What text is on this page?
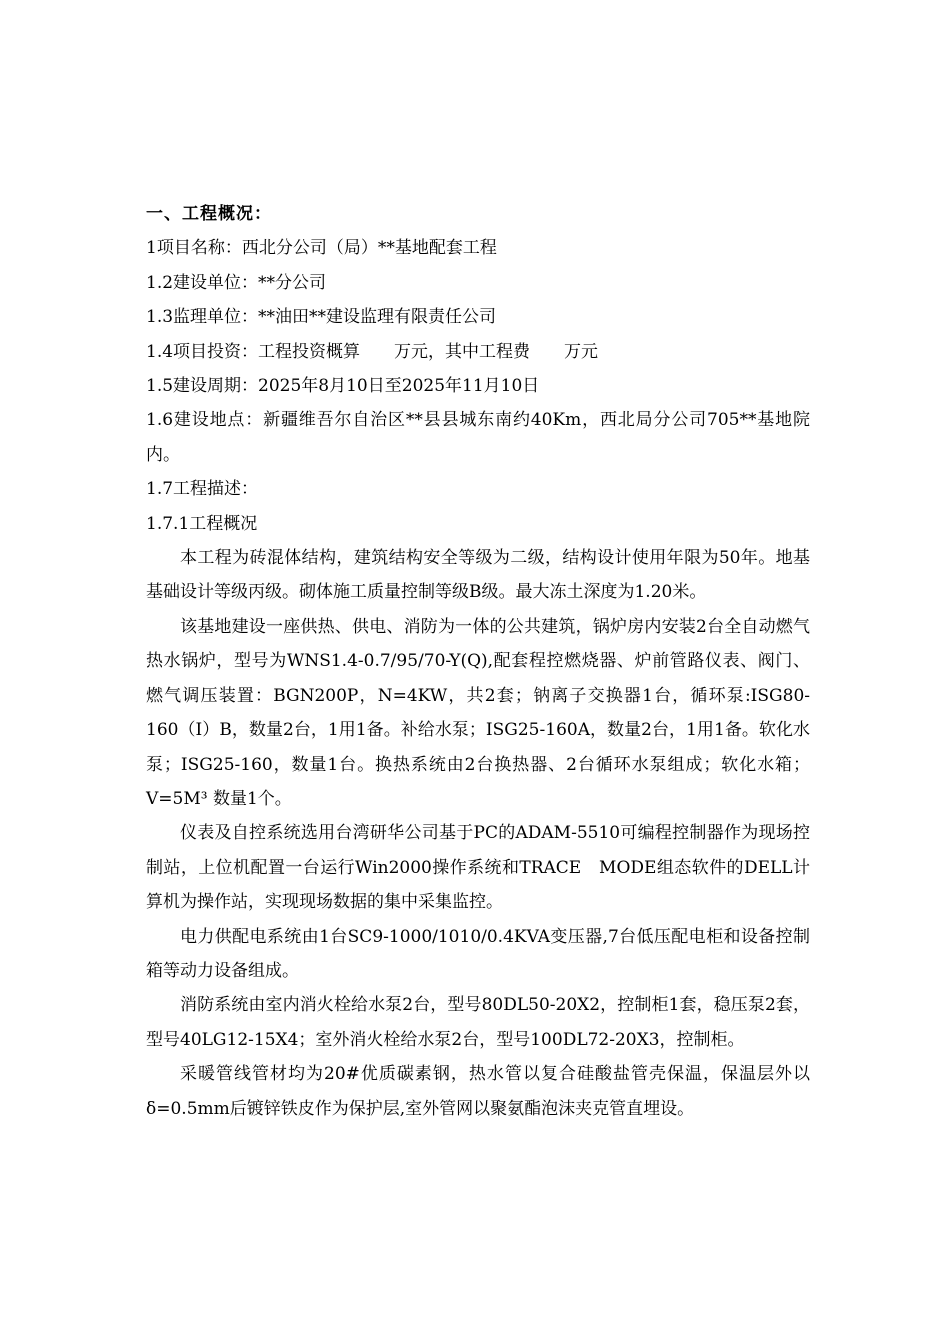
一、工程概况：
1项目名称：西北分公司（局）**基地配套工程
1.2建设单位：**分公司
1.3监理单位：**油田**建设监理有限责任公司
1.4项目投资：工程投资概算　　万元，其中工程费　　万元
1.5建设周期：2025年8月10日至2025年11月10日
1.6建设地点：新疆维吾尔自治区**县县城东南约40Km，西北局分公司705**基地院内。
1.7工程描述：
1.7.1工程概况

本工程为砖混体结构，建筑结构安全等级为二级，结构设计使用年限为50年。地基基础设计等级丙级。砌体施工质量控制等级B级。最大冻土深度为1.20米。

该基地建设一座供热、供电、消防为一体的公共建筑，锅炉房内安装2台全自动燃气热水锅炉，型号为WNS1.4-0.7/95/70-Y(Q),配套程控燃烧器、炉前管路仪表、阀门、燃气调压装置：BGN200P，N=4KW，共2套；钠离子交换器1台，循环泵:ISG80-160（I）B，数量2台，1用1备。补给水泵；ISG25-160A，数量2台，1用1备。软化水泵；ISG25-160，数量1台。换热系统由2台换热器、2台循环水泵组成；软化水箱；V=5M³ 数量1个。

仪表及自控系统选用台湾研华公司基于PC的ADAM-5510可编程控制器作为现场控制站，上位机配置一台运行Win2000操作系统和TRACE　MODE组态软件的DELL计算机为操作站，实现现场数据的集中采集监控。

电力供配电系统由1台SC9-1000/1010/0.4KVA变压器,7台低压配电柜和设备控制箱等动力设备组成。

消防系统由室内消火栓给水泵2台，型号80DL50-20X2，控制柜1套，稳压泵2套，型号40LG12-15X4；室外消火栓给水泵2台，型号100DL72-20X3，控制柜。

采暖管线管材均为20#优质碳素钢，热水管以复合硅酸盐管壳保温，保温层外以δ=0.5mm后镀锌铁皮作为保护层,室外管网以聚氨酯泡沫夹克管直埋设。
